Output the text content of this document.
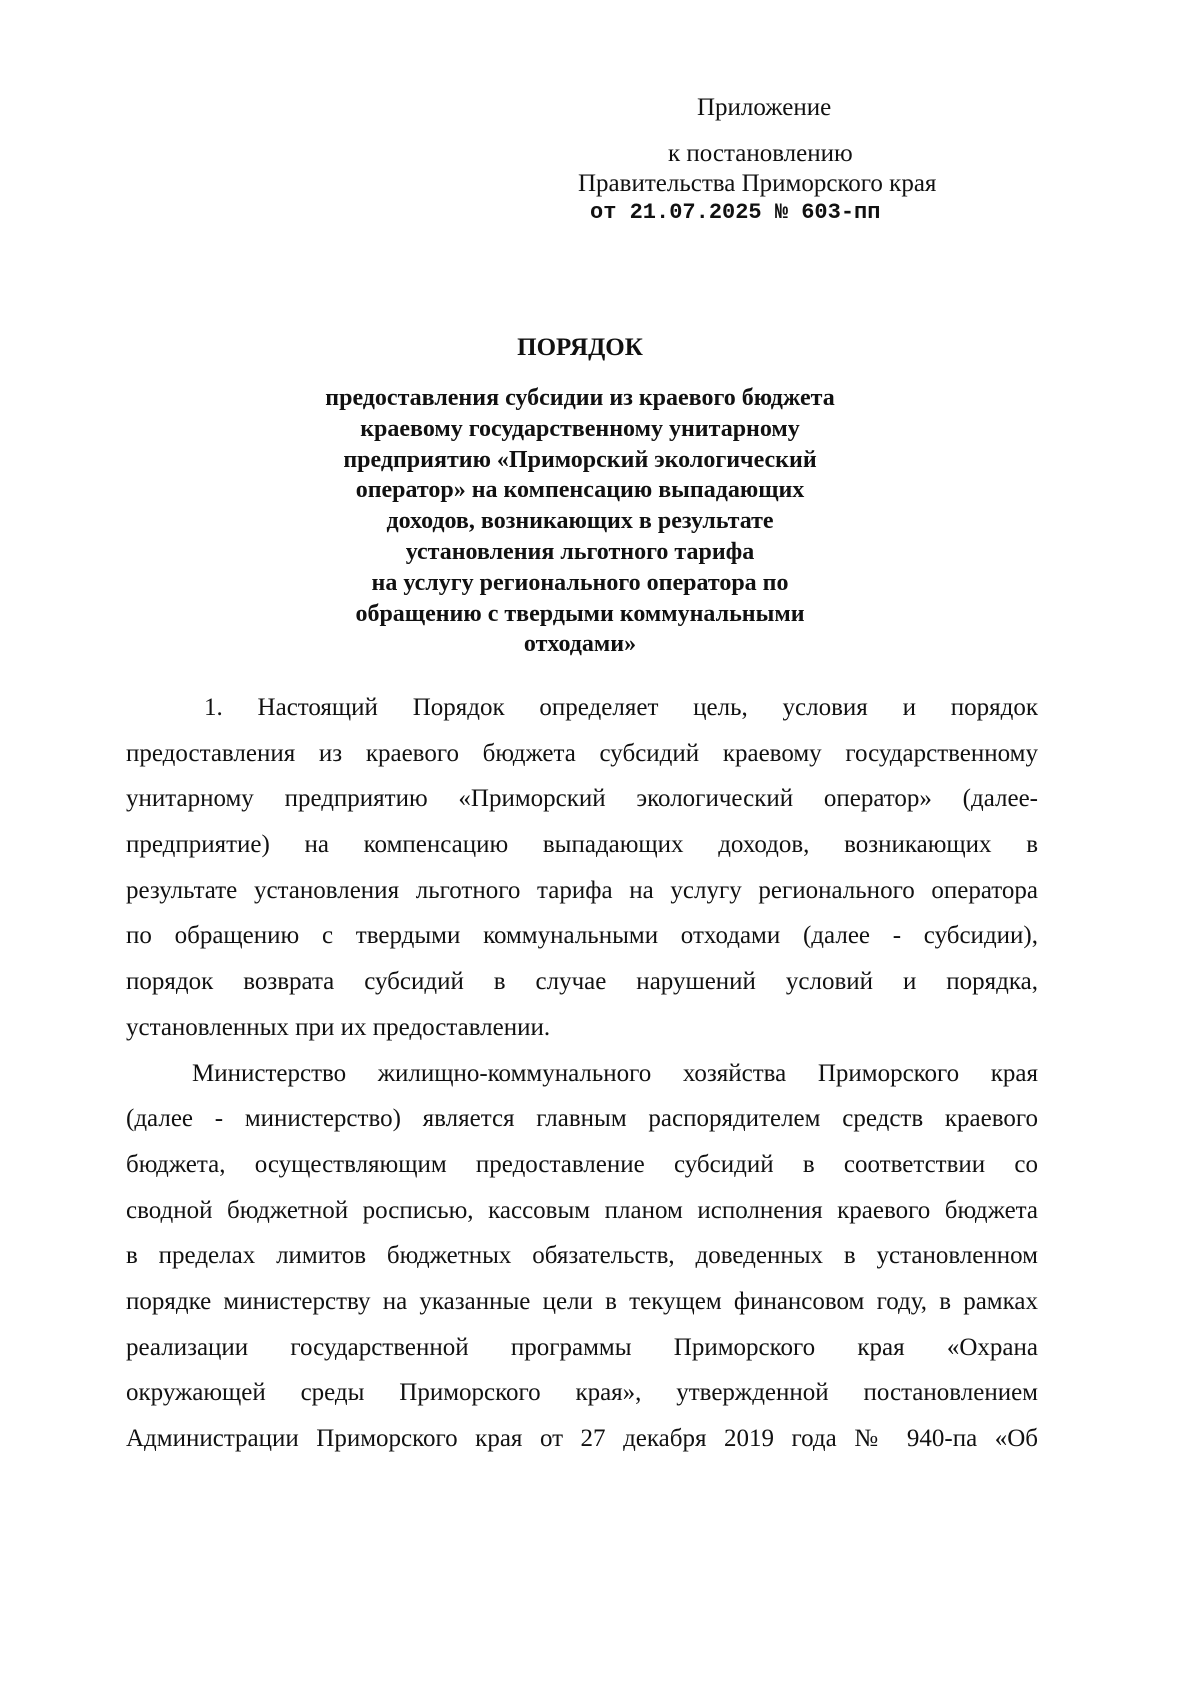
Приложение
к постановлению
Правительства Приморского края
от 21.07.2025 № 603-пп
ПОРЯДОК
предоставления субсидии из краевого бюджета
краевому государственному унитарному
предприятию «Приморский экологический
оператор» на компенсацию выпадающих
доходов, возникающих в результате
установления льготного тарифа
на услугу регионального оператора по
обращению с твердыми коммунальными
отходами»
1. Настоящий Порядок определяет цель, условия и порядок
предоставления из краевого бюджета субсидий краевому государственному
унитарному предприятию «Приморский экологический оператор» (далее-
предприятие) на компенсацию выпадающих доходов, возникающих в
результате установления льготного тарифа на услугу регионального оператора
по обращению с твердыми коммунальными отходами (далее - субсидии),
порядок возврата субсидий в случае нарушений условий и порядка,
установленных при их предоставлении.
Министерство жилищно-коммунального хозяйства Приморского края
(далее - министерство) является главным распорядителем средств краевого
бюджета, осуществляющим предоставление субсидий в соответствии со
сводной бюджетной росписью, кассовым планом исполнения краевого бюджета
в пределах лимитов бюджетных обязательств, доведенных в установленном
порядке министерству на указанные цели в текущем финансовом году, в рамках
реализации государственной программы Приморского края «Охрана
окружающей среды Приморского края», утвержденной постановлением
Администрации Приморского края от 27 декабря 2019 года № 940-па «Об
